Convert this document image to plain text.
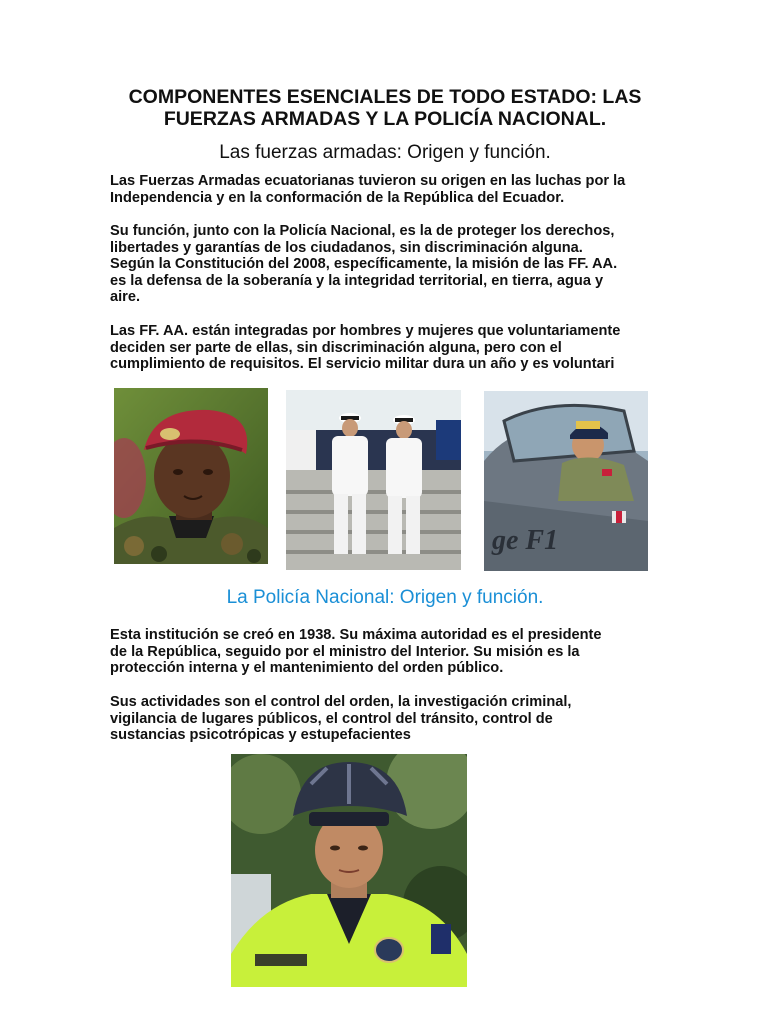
COMPONENTES ESENCIALES DE TODO ESTADO: LAS
FUERZAS ARMADAS Y LA POLICÍA NACIONAL.
Las fuerzas armadas: Origen y función.

Las Fuerzas Armadas ecuatorianas tuvieron su origen en las luchas por la
Independencia y en la conformación de la República del Ecuador.

Su función, junto con la Policía Nacional, es la de proteger los derechos,
libertades y garantías de los ciudadanos, sin discriminación alguna.
Según la Constitución del 2008, específicamente, la misión de las FF. AA.
es la defensa de la soberanía y la integridad territorial, en tierra, agua y
aire.

Las FF. AA. están integradas por hombres y mujeres que voluntariamente
deciden ser parte de ellas, sin discriminación alguna, pero con el
cumplimiento de requisitos. El servicio militar dura un año y es voluntari

ge F1
La Policía Nacional: Origen y función.

Esta institución se creó en 1938. Su máxima autoridad es el presidente
de la República, seguido por el ministro del Interior. Su misión es la
protección interna y el mantenimiento del orden público.

Sus actividades son el control del orden, la investigación criminal,
vigilancia de lugares públicos, el control del tránsito, control de
sustancias psicotrópicas y estupefacientes
